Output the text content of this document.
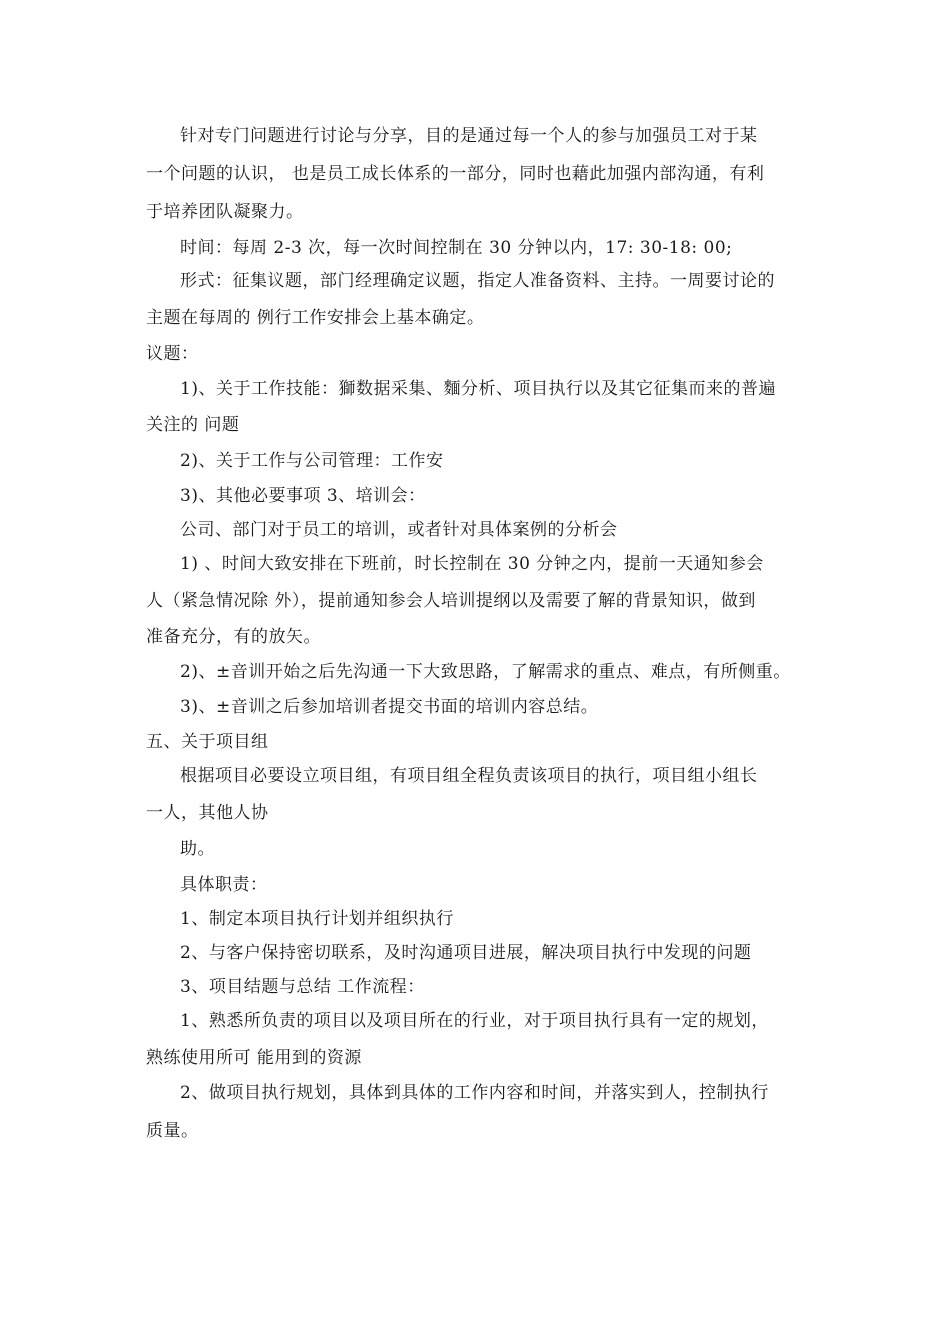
针对专门问题进行讨论与分享，目的是通过每一个人的参与加强员工对于某
一个问题的认识， 也是员工成长体系的一部分，同时也藉此加强内部沟通，有利
于培养团队凝聚力。
时间：每周 2-3 次，每一次时间控制在 30 分钟以内，17: 30-18: 00;
形式：征集议题，部门经理确定议题，指定人准备资料、主持。一周要讨论的
主题在每周的 例行工作安排会上基本确定。
议题：
1)、关于工作技能：獅数据采集、麵分析、项目执行以及其它征集而来的普遍
关注的 问题
2)、关于工作与公司管理：工作安
3)、其他必要事项 3、培训会：
公司、部门对于员工的培训，或者针对具体案例的分析会
1) 、时间大致安排在下班前，时长控制在 30 分钟之内，提前一天通知参会
人（紧急情况除 外），提前通知参会人培训提纲以及需要了解的背景知识，做到
准备充分，有的放矢。
2)、±音训开始之后先沟通一下大致思路，了解需求的重点、难点，有所侧重。
3)、±音训之后参加培训者提交书面的培训内容总结。
五、关于项目组
根据项目必要设立项目组，有项目组全程负责该项目的执行，项目组小组长
一人，其他人协
助。
具体职责：
1、制定本项目执行计划并组织执行
2、与客户保持密切联系，及时沟通项目进展，解决项目执行中发现的问题
3、项目结题与总结 工作流程：
1、熟悉所负责的项目以及项目所在的行业，对于项目执行具有一定的规划，
熟练使用所可 能用到的资源
2、做项目执行规划，具体到具体的工作内容和时间，并落实到人，控制执行
质量。
